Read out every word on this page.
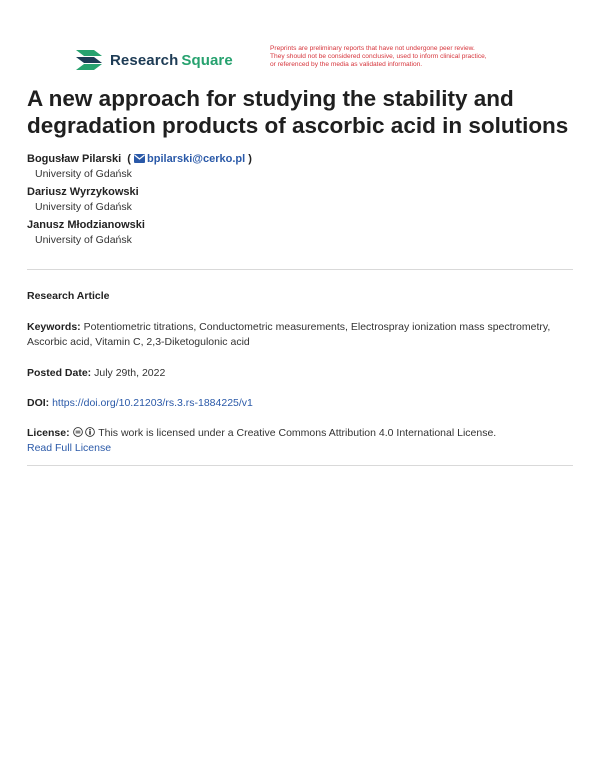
Research Square
Preprints are preliminary reports that have not undergone peer review.
They should not be considered conclusive, used to inform clinical practice,
or referenced by the media as validated information.
A new approach for studying the stability and degradation products of ascorbic acid in solutions
Bogusław Pilarski  ( bpilarski@cerko.pl )
University of Gdańsk
Dariusz Wyrzykowski
University of Gdańsk
Janusz Młodzianowski
University of Gdańsk
Research Article
Keywords: Potentiometric titrations, Conductometric measurements, Electrospray ionization mass spectrometry, Ascorbic acid, Vitamin C, 2,3-Diketogulonic acid
Posted Date: July 29th, 2022
DOI: https://doi.org/10.21203/rs.3.rs-1884225/v1
License:	This work is licensed under a Creative Commons Attribution 4.0 International License.
Read Full License
